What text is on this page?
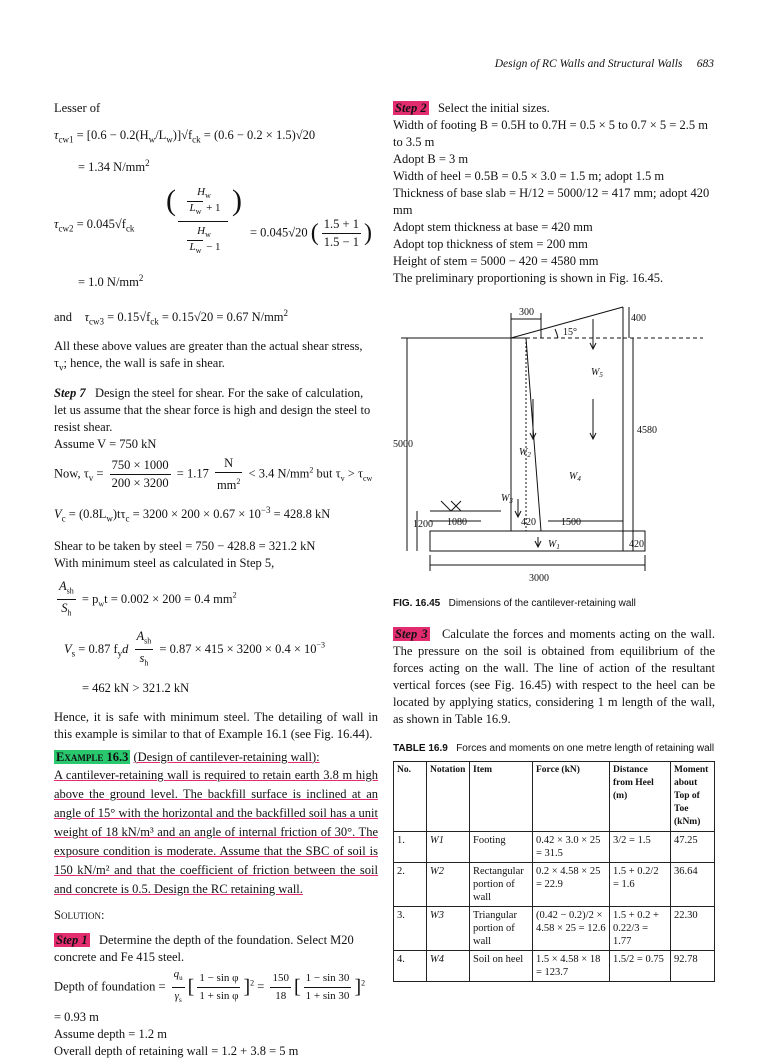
Design of RC Walls and Structural Walls 683

Lesser of

$\tau_{cw1} = [0.6 - 0.2(H_w/L_w)]√f_{ck} = (0.6 - 0.2 \times 1.5)√20$
= 1.34 $N/mm^2$
$\tau_{cw2} = 0.045√f_{ck}$
(	$H_w$
$L_w + 1$
$H_w$
$L_w - 1$
)
= 0.045√20 ( $\frac{1.5 + 1}{1.5 - 1}$ )
= 1.0 $N/mm^2$
and $\tau_{cw3} = 0.15√f_{ck} = 0.15√20 = 0.67$ $N/mm^2$

All these above values are greater than the actual shear stress, $\tau_v$; hence, the wall is safe in shear.

Step 7 Design the steel for shear. For the sake of calculation, let us assume that the shear force is high and design the steel to resist shear.

Assume V = 750 kN

Now, $\tau_v = \frac{750 \times 1000}{200 \times 3200} = 1.17 \frac{N}{mm^2} < 3.4$ $N/mm^2$ but $\tau_v > \tau_{cw}$
$V_c = (0.8L_w)t\tau_c = 3200 \times 200 \times 0.67 \times 10^{-3} = 428.8$ kN

Shear to be taken by steel = 750 − 428.8 = 321.2 kN

With minimum steel as calculated in Step 5,

$\frac{A_{sh}}{S_h} = p_wt = 0.002 \times 200 = 0.4$ $mm^2$
$V_s = 0.87$ $f_yd \frac{A_{sh}}{s_h} = 0.87 \times 415 \times 3200 \times 0.4 \times 10^{-3}$

= 462 kN > 321.2 kN

Hence, it is safe with minimum steel. The detailing of wall in this example is similar to that of Example 16.1 (see Fig. 16.44).

Example 16.3 (Design of cantilever-retaining wall):

A cantilever-retaining wall is required to retain earth 3.8 m high above the ground level. The backfill surface is inclined at an angle of 15° with the horizontal and the backfilled soil has a unit weight of 18 kN/m³ and an angle of internal friction of 30°. The exposure condition is moderate. Assume that the SBC of soil is 150 kN/m² and that the coefficient of friction between the soil and concrete is 0.5. Design the RC retaining wall.

Solution:

Step 1 Determine the depth of the foundation. Select M20 concrete and Fe 415 steel.

Depth of foundation = $\frac{q_u}{\gamma_s}$ [ $\frac{\text{1 − sin φ}}{\text{1 + sin φ}} ]^2 = \frac{150}{18}$ [ $\frac{1 - \sin 30}{1 + \sin 30} ]^2$

= 0.93 m

Assume depth = 1.2 m

Overall depth of retaining wall = 1.2 + 3.8 = 5 m

Step 2 Select the initial sizes.

Width of footing B = 0.5H to 0.7H = 0.5 × 5 to 0.7 × 5 = 2.5 m to 3.5 m

Adopt B = 3 m

Width of heel = 0.5B = 0.5 × 3.0 = 1.5 m; adopt 1.5 m

Thickness of base slab = H/12 = 5000/12 = 417 mm; adopt 420 mm

Adopt stem thickness at base = 420 mm

Adopt top thickness of stem = 200 mm

Height of stem = 5000 − 420 = 4580 mm

The preliminary proportioning is shown in Fig. 16.45.

300
400
15°
5000
4580
1200 1080	420	1500
420
3000
$W_1$
$W_2$
$W_3$
$W_4$
$W_5$
FIG. 16.45 Dimensions of the cantilever-retaining wall

Step 3 Calculate the forces and moments acting on the wall. The pressure on the soil is obtained from equilibrium of the forces acting on the wall. The line of action of the resultant vertical forces (see Fig. 16.45) with respect to the heel can be located by applying statics, considering 1 m length of the wall, as shown in Table 16.9.

TABLE 16.9 Forces and moments on one metre length of retaining wall
No.	Notation	Item	Force (kN)	Distance from Heel (m)	Moment about Top of Toe (kNm)
1.	W1	Footing	0.42 × 3.0 × 25 = 31.5	3/2 = 1.5	47.25
2.	W2	Rectangular portion of wall	0.2 × 4.58 × 25 = 22.9	1.5 + 0.2/2 = 1.6	36.64
3.	W3	Triangular portion of wall	(0.42 − 0.2)/2 × 4.58 × 25 = 12.6	1.5 + 0.2 + 0.22/3 = 1.77	22.30
4.	W4	Soil on heel	1.5 × 4.58 × 18 = 123.7	1.5/2 = 0.75	92.78
